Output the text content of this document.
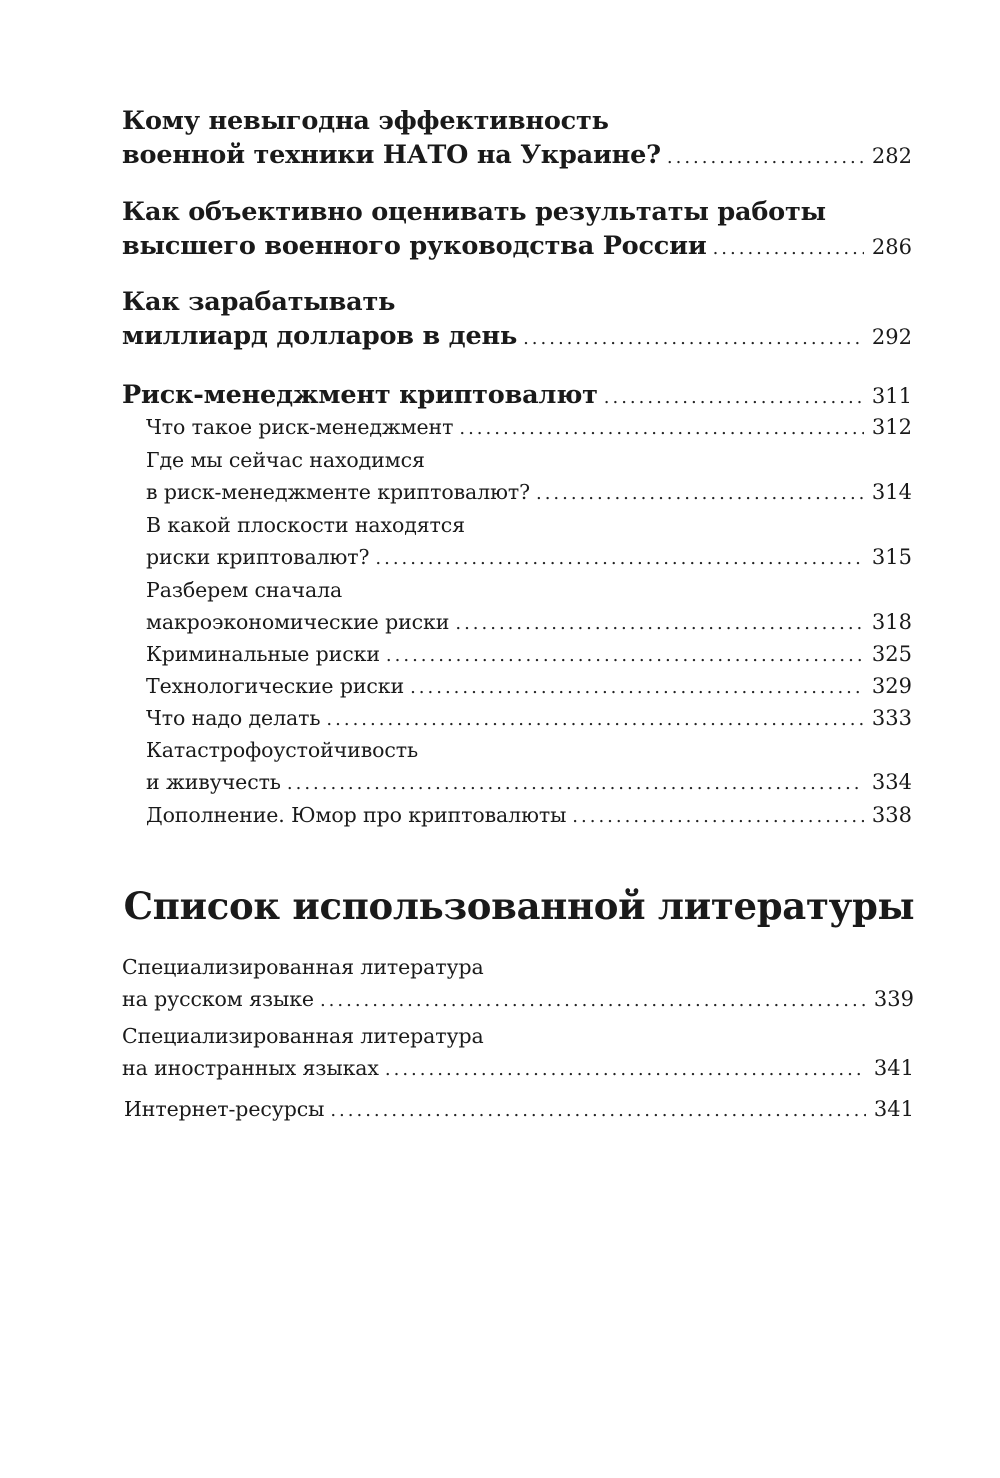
Кому невыгодна эффективность
военной техники НАТО на Украине? .....	282
Как объективно оценивать результаты работы
высшего военного руководства России .....	286
Как зарабатывать
миллиард долларов в день .....	292
Риск-менеджмент криптовалют .....	311
Что такое риск-менеджмент .....	312
Где мы сейчас находимся
в риск-менеджменте криптовалют? .....	314
В какой плоскости находятся
риски криптовалют? .....	315
Разберем сначала
макроэкономические риски .....	318
Криминальные риски .....	325
Технологические риски .....	329
Что надо делать .....	333
Катастрофоустойчивость
и живучесть .....	334
Дополнение. Юмор про криптовалюты .....	338
Список использованной литературы
Специализированная литература
на русском языке .....	339
Специализированная литература
на иностранных языках .....	341
Интернет-ресурсы .....	341
